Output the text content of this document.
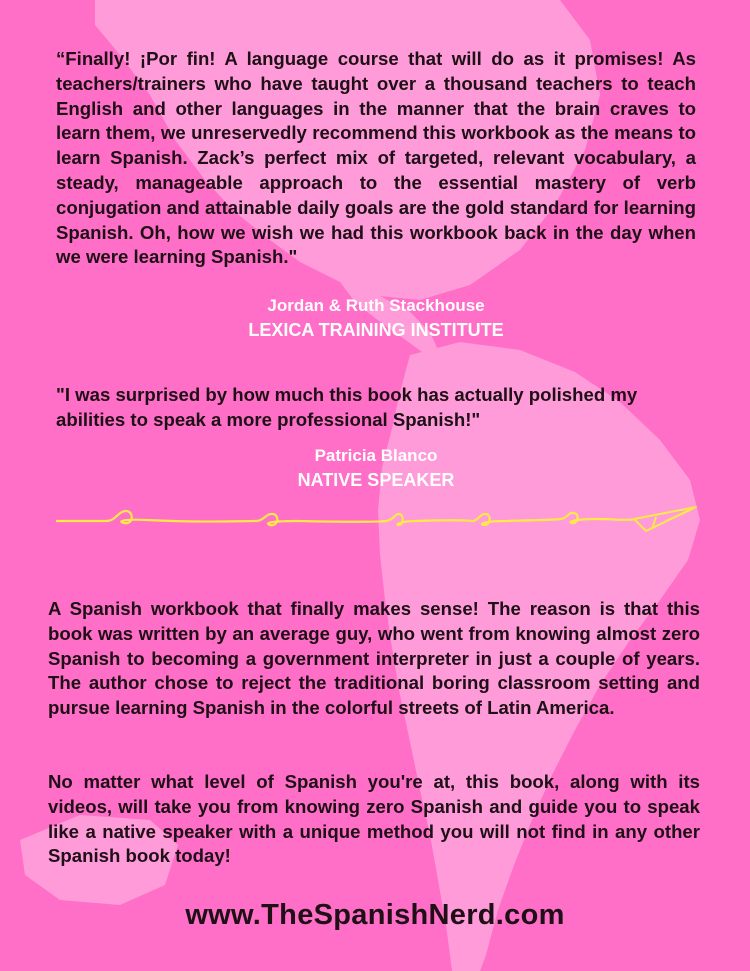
“Finally! ¡Por fin! A language course that will do as it promises! As teachers/trainers who have taught over a thousand teachers to teach English and other languages in the manner that the brain craves to learn them, we unreservedly recommend this workbook as the means to learn Spanish. Zack’s perfect mix of targeted, relevant vocabulary, a steady, manageable approach to the essential mastery of verb conjugation and attainable daily goals are the gold standard for learning Spanish. Oh, how we wish we had this workbook back in the day when we were learning Spanish."

Jordan & Ruth Stackhouse

LEXICA TRAINING INSTITUTE

"I was surprised by how much this book has actually polished my abilities to speak a more professional Spanish!"

Patricia Blanco

NATIVE SPEAKER

A Spanish workbook that finally makes sense! The reason is that this book was written by an average guy, who went from knowing almost zero Spanish to becoming a government interpreter in just a couple of years. The author chose to reject the traditional boring classroom setting and pursue learning Spanish in the colorful streets of Latin America.

No matter what level of Spanish you're at, this book, along with its videos, will take you from knowing zero Spanish and guide you to speak like a native speaker with a unique method you will not find in any other Spanish book today!

www.TheSpanishNerd.com
